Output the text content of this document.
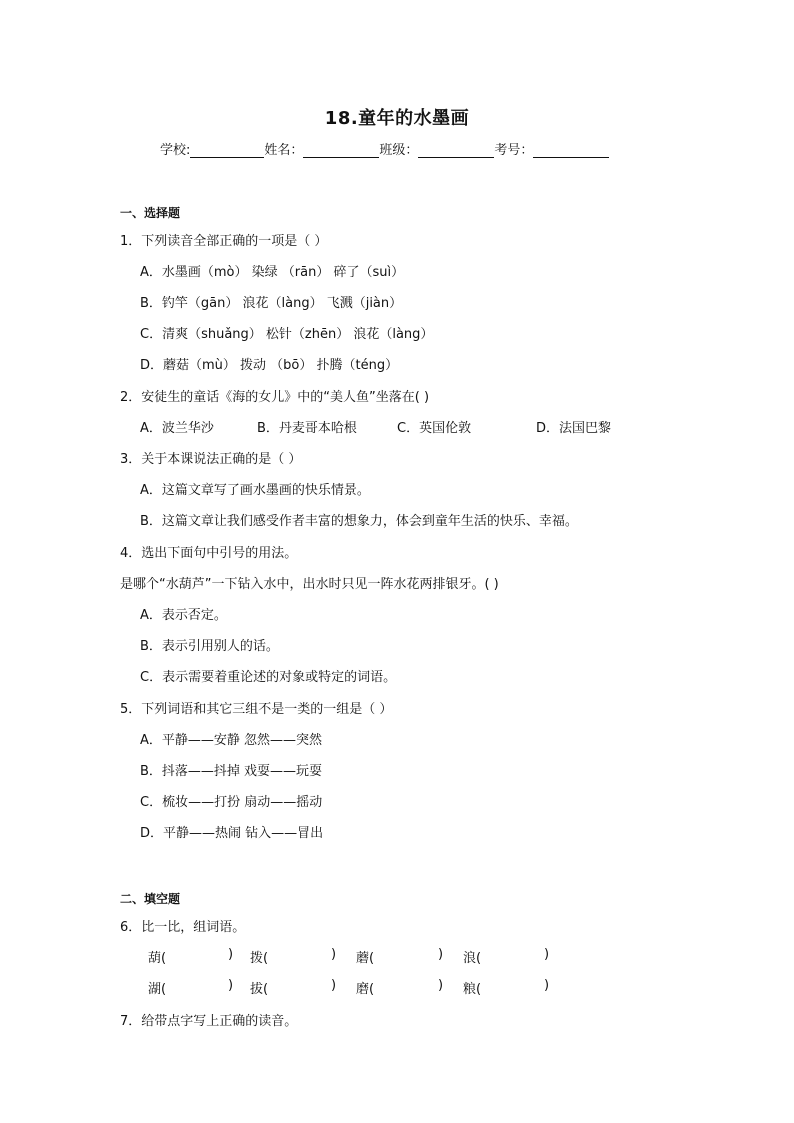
18.童年的水墨画
学校:	姓名：	班级：	考号：
一、选择题
1．下列读音全部正确的一项是（ ）
A．水墨画（mò） 染绿 （rān） 碎了（suì）
B．钓竿（gān） 浪花（làng） 飞溅（jiàn）
C．清爽（shuǎng） 松针（zhēn） 浪花（làng）
D．蘑菇（mù） 拨动 （bō） 扑腾（téng）
2．安徒生的童话《海的女儿》中的“美人鱼”坐落在( )
A．波兰华沙	B．丹麦哥本哈根	C．英国伦敦	D．法国巴黎
3．关于本课说法正确的是（ ）
A．这篇文章写了画水墨画的快乐情景。
B．这篇文章让我们感受作者丰富的想象力，体会到童年生活的快乐、幸福。
4．选出下面句中引号的用法。
是哪个“水葫芦”一下钻入水中，出水时只见一阵水花两排银牙。( )
A．表示否定。
B．表示引用别人的话。
C．表示需要着重论述的对象或特定的词语。
5．下列词语和其它三组不是一类的一组是（ ）
A．平静——安静 忽然——突然
B．抖落——抖掉 戏耍——玩耍
C．梳妆——打扮 扇动——摇动
D．平静——热闹 钻入——冒出
二、填空题
6．比一比，组词语。
葫(	) 拨(	) 蘑(	) 浪(	)
湖(	) 拔(	) 磨(	) 粮(	)
7．给带点字写上正确的读音。
